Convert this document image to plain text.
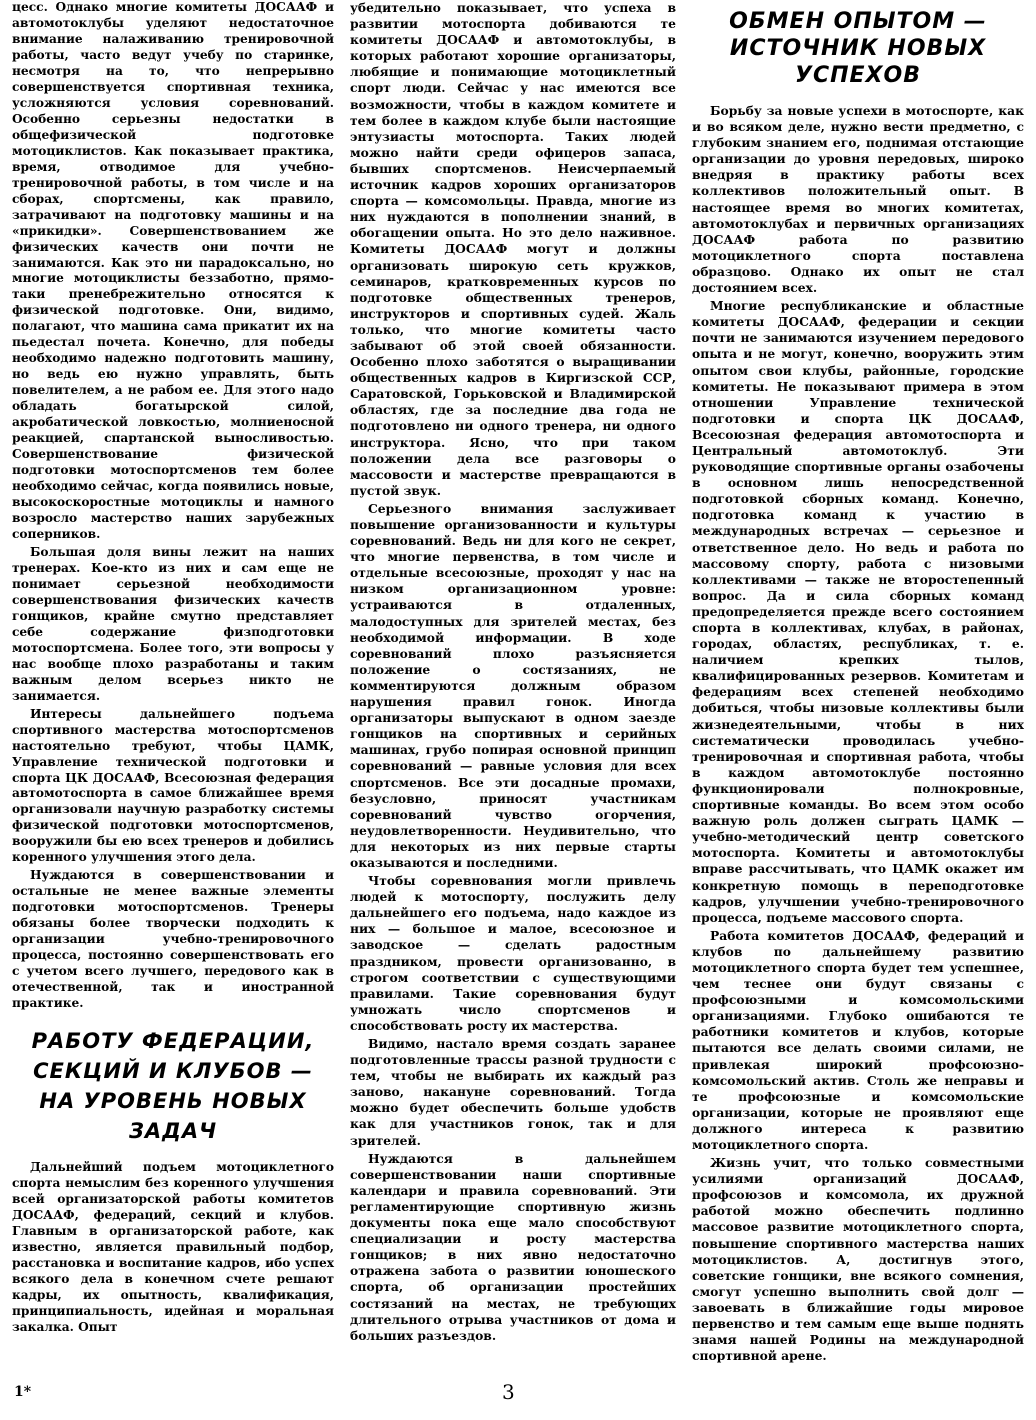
цесс. Однако многие комитеты ДОСААФ и автомотоклубы уделяют недостаточное внимание налаживанию тренировочной работы, часто ведут учебу по старинке, несмотря на то, что непрерывно совершенствуется спортивная техника, усложняются условия соревнований. Особенно серьезны недостатки в общефизической подготовке мотоциклистов. Как показывает практика, время, отводимое для учебно-тренировочной работы, в том числе и на сборах, спортсмены, как правило, затрачивают на подготовку машины и на «прикидки». Совершенствованием же физических качеств они почти не занимаются. Как это ни парадоксально, но многие мотоциклисты беззаботно, прямо-таки пренебрежительно относятся к физической подготовке. Они, видимо, полагают, что машина сама прикатит их на пьедестал почета. Конечно, для победы необходимо надежно подготовить машину, но ведь ею нужно управлять, быть повелителем, а не рабом ее. Для этого надо обладать богатырской силой, акробатической ловкостью, молниеносной реакцией, спартанской выносливостью. Совершенствование физической подготовки мотоспортсменов тем более необходимо сейчас, когда появились новые, высокоскоростные мотоциклы и намного возросло мастерство наших зарубежных соперников.

Большая доля вины лежит на наших тренерах. Кое-кто из них и сам еще не понимает серьезной необходимости совершенствования физических качеств гонщиков, крайне смутно представляет себе содержание физподготовки мотоспортсмена. Более того, эти вопросы у нас вообще плохо разработаны и таким важным делом всерьез никто не занимается.

Интересы дальнейшего подъема спортивного мастерства мотоспортсменов настоятельно требуют, чтобы ЦАМК, Управление технической подготовки и спорта ЦК ДОСААФ, Всесоюзная федерация автомотоспорта в самое ближайшее время организовали научную разработку системы физической подготовки мотоспортсменов, вооружили бы ею всех тренеров и добились коренного улучшения этого дела.

Нуждаются в совершенствовании и остальные не менее важные элементы подготовки мотоспортсменов. Тренеры обязаны более творчески подходить к организации учебно-тренировочного процесса, постоянно совершенствовать его с учетом всего лучшего, передового как в отечественной, так и иностранной практике.

РАБОТУ ФЕДЕРАЦИИ,
СЕКЦИЙ И КЛУБОВ —
НА УРОВЕНЬ НОВЫХ
ЗАДАЧ

Дальнейший подъем мотоциклетного спорта немыслим без коренного улучшения всей организаторской работы комитетов ДОСААФ, федераций, секций и клубов. Главным в организаторской работе, как известно, является правильный подбор, расстановка и воспитание кадров, ибо успех всякого дела в конечном счете решают кадры, их опытность, квалификация, принципиальность, идейная и моральная закалка. Опыт

убедительно показывает, что успеха в развитии мотоспорта добиваются те комитеты ДОСААФ и автомотоклубы, в которых работают хорошие организаторы, любящие и понимающие мотоциклетный спорт люди. Сейчас у нас имеются все возможности, чтобы в каждом комитете и тем более в каждом клубе были настоящие энтузиасты мотоспорта. Таких людей можно найти среди офицеров запаса, бывших спортсменов. Неисчерпаемый источник кадров хороших организаторов спорта — комсомольцы. Правда, многие из них нуждаются в пополнении знаний, в обогащении опыта. Но это дело наживное. Комитеты ДОСААФ могут и должны организовать широкую сеть кружков, семинаров, кратковременных курсов по подготовке общественных тренеров, инструкторов и спортивных судей. Жаль только, что многие комитеты часто забывают об этой своей обязанности. Особенно плохо заботятся о выращивании общественных кадров в Киргизской ССР, Саратовской, Горьковской и Владимирской областях, где за последние два года не подготовлено ни одного тренера, ни одного инструктора. Ясно, что при таком положении дела все разговоры о массовости и мастерстве превращаются в пустой звук.

Серьезного внимания заслуживает повышение организованности и культуры соревнований. Ведь ни для кого не секрет, что многие первенства, в том числе и отдельные всесоюзные, проходят у нас на низком организационном уровне: устраиваются в отдаленных, малодоступных для зрителей местах, без необходимой информации. В ходе соревнований плохо разъясняется положение о состязаниях, не комментируются должным образом нарушения правил гонок. Иногда организаторы выпускают в одном заезде гонщиков на спортивных и серийных машинах, грубо попирая основной принцип соревнований — равные условия для всех спортсменов. Все эти досадные промахи, безусловно, приносят участникам соревнований чувство огорчения, неудовлетворенности. Неудивительно, что для некоторых из них первые старты оказываются и последними.

Чтобы соревнования могли привлечь людей к мотоспорту, послужить делу дальнейшего его подъема, надо каждое из них — большое и малое, всесоюзное и заводское — сделать радостным праздником, провести организованно, в строгом соответствии с существующими правилами. Такие соревнования будут умножать число спортсменов и способствовать росту их мастерства.

Видимо, настало время создать заранее подготовленные трассы разной трудности с тем, чтобы не выбирать их каждый раз заново, накануне соревнований. Тогда можно будет обеспечить больше удобств как для участников гонок, так и для зрителей.

Нуждаются в дальнейшем совершенствовании наши спортивные календари и правила соревнований. Эти регламентирующие спортивную жизнь документы пока еще мало способствуют специализации и росту мастерства гонщиков; в них явно недостаточно отражена забота о развитии юношеского спорта, об организации простейших состязаний на местах, не требующих длительного отрыва участников от дома и больших разъездов.

ОБМЕН ОПЫТОМ —
ИСТОЧНИК НОВЫХ
УСПЕХОВ

Борьбу за новые успехи в мотоспорте, как и во всяком деле, нужно вести предметно, с глубоким знанием его, поднимая отстающие организации до уровня передовых, широко внедряя в практику работы всех коллективов положительный опыт. В настоящее время во многих комитетах, автомотоклубах и первичных организациях ДОСААФ работа по развитию мотоциклетного спорта поставлена образцово. Однако их опыт не стал достоянием всех.

Многие республиканские и областные комитеты ДОСААФ, федерации и секции почти не занимаются изучением передового опыта и не могут, конечно, вооружить этим опытом свои клубы, районные, городские комитеты. Не показывают примера в этом отношении Управление технической подготовки и спорта ЦК ДОСААФ, Всесоюзная федерация автомотоспорта и Центральный автомотоклуб. Эти руководящие спортивные органы озабочены в основном лишь непосредственной подготовкой сборных команд. Конечно, подготовка команд к участию в международных встречах — серьезное и ответственное дело. Но ведь и работа по массовому спорту, работа с низовыми коллективами — также не второстепенный вопрос. Да и сила сборных команд предопределяется прежде всего состоянием спорта в коллективах, клубах, в районах, городах, областях, республиках, т. е. наличием крепких тылов, квалифицированных резервов. Комитетам и федерациям всех степеней необходимо добиться, чтобы низовые коллективы были жизнедеятельными, чтобы в них систематически проводилась учебно-тренировочная и спортивная работа, чтобы в каждом автомотоклубе постоянно функционировали полнокровные, спортивные команды. Во всем этом особо важную роль должен сыграть ЦАМК — учебно-методический центр советского мотоспорта. Комитеты и автомотоклубы вправе рассчитывать, что ЦАМК окажет им конкретную помощь в переподготовке кадров, улучшении учебно-тренировочного процесса, подъеме массового спорта.

Работа комитетов ДОСААФ, федераций и клубов по дальнейшему развитию мотоциклетного спорта будет тем успешнее, чем теснее они будут связаны с профсоюзными и комсомольскими организациями. Глубоко ошибаются те работники комитетов и клубов, которые пытаются все делать своими силами, не привлекая широкий профсоюзно-комсомольский актив. Столь же неправы и те профсоюзные и комсомольские организации, которые не проявляют еще должного интереса к развитию мотоциклетного спорта.

Жизнь учит, что только совместными усилиями организаций ДОСААФ, профсоюзов и комсомола, их дружной работой можно обеспечить подлинно массовое развитие мотоциклетного спорта, повышение спортивного мастерства наших мотоциклистов. А, достигнув этого, советские гонщики, вне всякого сомнения, смогут успешно выполнить свой долг — завоевать в ближайшие годы мировое первенство и тем самым еще выше поднять знамя нашей Родины на международной спортивной арене.

1*	3
